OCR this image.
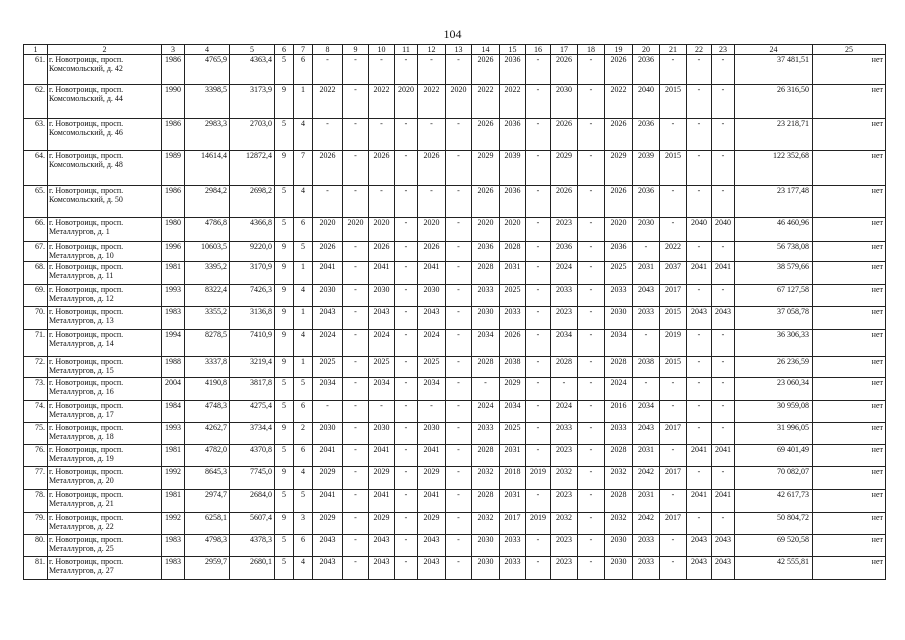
104
1	2	3	4	5	6	7	8	9	10	11	12	13	14	15	16	17	18	19	20	21	22	23	24	25
61.	г. Новотроицк, просп. Комсомольский, д. 42	1986	4765,9	4363,4	5	6	-	-	-	-	-	-	2026	2036	-	2026	-	2026	2036	-	-	-	37 481,51	нет
62.	г. Новотроицк, просп. Комсомольский, д. 44	1990	3398,5	3173,9	9	1	2022	-	2022	2020	2022	2020	2022	2022	-	2030	-	2022	2040	2015	-	-	26 316,50	нет
63.	г. Новотроицк, просп. Комсомольский, д. 46	1986	2983,3	2703,0	5	4	-	-	-	-	-	-	2026	2036	-	2026	-	2026	2036	-	-	-	23 218,71	нет
64.	г. Новотроицк, просп. Комсомольский, д. 48	1989	14614,4	12872,4	9	7	2026	-	2026	-	2026	-	2029	2039	-	2029	-	2029	2039	2015	-	-	122 352,68	нет
65.	г. Новотроицк, просп. Комсомольский, д. 50	1986	2984,2	2698,2	5	4	-	-	-	-	-	-	2026	2036	-	2026	-	2026	2036	-	-	-	23 177,48	нет
66.	г. Новотроицк, просп. Металлургов, д. 1	1980	4786,8	4366,8	5	6	2020	2020	2020	-	2020	-	2020	2020	-	2023	-	2020	2030	-	2040	2040	46 460,96	нет
67.	г. Новотроицк, просп. Металлургов, д. 10	1996	10603,5	9220,0	9	5	2026	-	2026	-	2026	-	2036	2028	-	2036	-	2036	-	2022	-	-	56 738,08	нет
68.	г. Новотроицк, просп. Металлургов, д. 11	1981	3395,2	3170,9	9	1	2041	-	2041	-	2041	-	2028	2031	-	2024	-	2025	2031	2037	2041	2041	38 579,66	нет
69.	г. Новотроицк, просп. Металлургов, д. 12	1993	8322,4	7426,3	9	4	2030	-	2030	-	2030	-	2033	2025	-	2033	-	2033	2043	2017	-	-	67 127,58	нет
70.	г. Новотроицк, просп. Металлургов, д. 13	1983	3355,2	3136,8	9	1	2043	-	2043	-	2043	-	2030	2033	-	2023	-	2030	2033	2015	2043	2043	37 058,78	нет
71.	г. Новотроицк, просп. Металлургов, д. 14	1994	8278,5	7410,9	9	4	2024	-	2024	-	2024	-	2034	2026	-	2034	-	2034	-	2019	-	-	36 306,33	нет
72.	г. Новотроицк, просп. Металлургов, д. 15	1988	3337,8	3219,4	9	1	2025	-	2025	-	2025	-	2028	2038	-	2028	-	2028	2038	2015	-	-	26 236,59	нет
73.	г. Новотроицк, просп. Металлургов, д. 16	2004	4190,8	3817,8	5	5	2034	-	2034	-	2034	-	-	2029	-	-	-	2024	-	-	-	-	23 060,34	нет
74.	г. Новотроицк, просп. Металлургов, д. 17	1984	4748,3	4275,4	5	6	-	-	-	-	-	-	2024	2034	-	2024	-	2016	2034	-	-	-	30 959,08	нет
75.	г. Новотроицк, просп. Металлургов, д. 18	1993	4262,7	3734,4	9	2	2030	-	2030	-	2030	-	2033	2025	-	2033	-	2033	2043	2017	-	-	31 996,05	нет
76.	г. Новотроицк, просп. Металлургов, д. 19	1981	4782,0	4370,8	5	6	2041	-	2041	-	2041	-	2028	2031	-	2023	-	2028	2031	-	2041	2041	69 401,49	нет
77.	г. Новотроицк, просп. Металлургов, д. 20	1992	8645,3	7745,0	9	4	2029	-	2029	-	2029	-	2032	2018	2019	2032	-	2032	2042	2017	-	-	70 082,07	нет
78.	г. Новотроицк, просп. Металлургов, д. 21	1981	2974,7	2684,0	5	5	2041	-	2041	-	2041	-	2028	2031	-	2023	-	2028	2031	-	2041	2041	42 617,73	нет
79.	г. Новотроицк, просп. Металлургов, д. 22	1992	6258,1	5607,4	9	3	2029	-	2029	-	2029	-	2032	2017	2019	2032	-	2032	2042	2017	-	-	50 804,72	нет
80.	г. Новотроицк, просп. Металлургов, д. 25	1983	4798,3	4378,3	5	6	2043	-	2043	-	2043	-	2030	2033	-	2023	-	2030	2033	-	2043	2043	69 520,58	нет
81.	г. Новотроицк, просп. Металлургов, д. 27	1983	2959,7	2680,1	5	4	2043	-	2043	-	2043	-	2030	2033	-	2023	-	2030	2033	-	2043	2043	42 555,81	нет
